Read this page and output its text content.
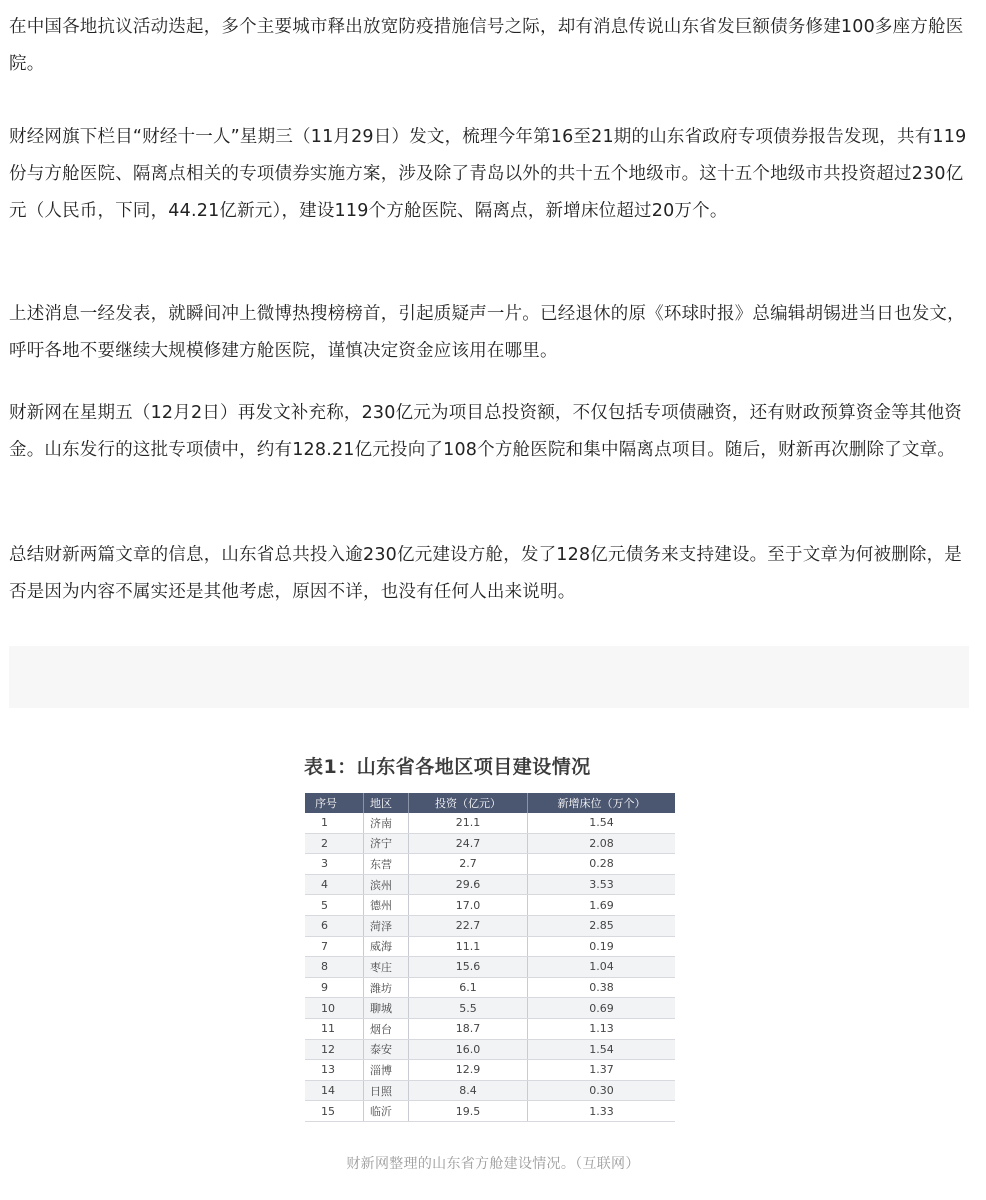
在中国各地抗议活动迭起，多个主要城市释出放宽防疫措施信号之际，却有消息传说山东省发巨额债务修建100多座方舱医院。

财经网旗下栏目“财经十一人”星期三（11月29日）发文，梳理今年第16至21期的山东省政府专项债券报告发现，共有119份与方舱医院、隔离点相关的专项债券实施方案，涉及除了青岛以外的共十五个地级市。这十五个地级市共投资超过230亿元（人民币，下同，44.21亿新元），建设119个方舱医院、隔离点，新增床位超过20万个。

上述消息一经发表，就瞬间冲上微博热搜榜榜首，引起质疑声一片。已经退休的原《环球时报》总编辑胡锡进当日也发文，呼吁各地不要继续大规模修建方舱医院，谨慎决定资金应该用在哪里。

财新网在星期五（12月2日）再发文补充称，230亿元为项目总投资额，不仅包括专项债融资，还有财政预算资金等其他资金。山东发行的这批专项债中，约有128.21亿元投向了108个方舱医院和集中隔离点项目。随后，财新再次删除了文章。

总结财新两篇文章的信息，山东省总共投入逾230亿元建设方舱，发了128亿元债务来支持建设。至于文章为何被删除，是否是因为内容不属实还是其他考虑，原因不详，也没有任何人出来说明。

表1：山东省各地区项目建设情况
序号	地区	投资（亿元）	新增床位（万个）
1	济南	21.1	1.54
2	济宁	24.7	2.08
3	东营	2.7	0.28
4	滨州	29.6	3.53
5	德州	17.0	1.69
6	菏泽	22.7	2.85
7	威海	11.1	0.19
8	枣庄	15.6	1.04
9	潍坊	6.1	0.38
10	聊城	5.5	0.69
11	烟台	18.7	1.13
12	泰安	16.0	1.54
13	淄博	12.9	1.37
14	日照	8.4	0.30
15	临沂	19.5	1.33
财新网整理的山东省方舱建设情况。（互联网）
